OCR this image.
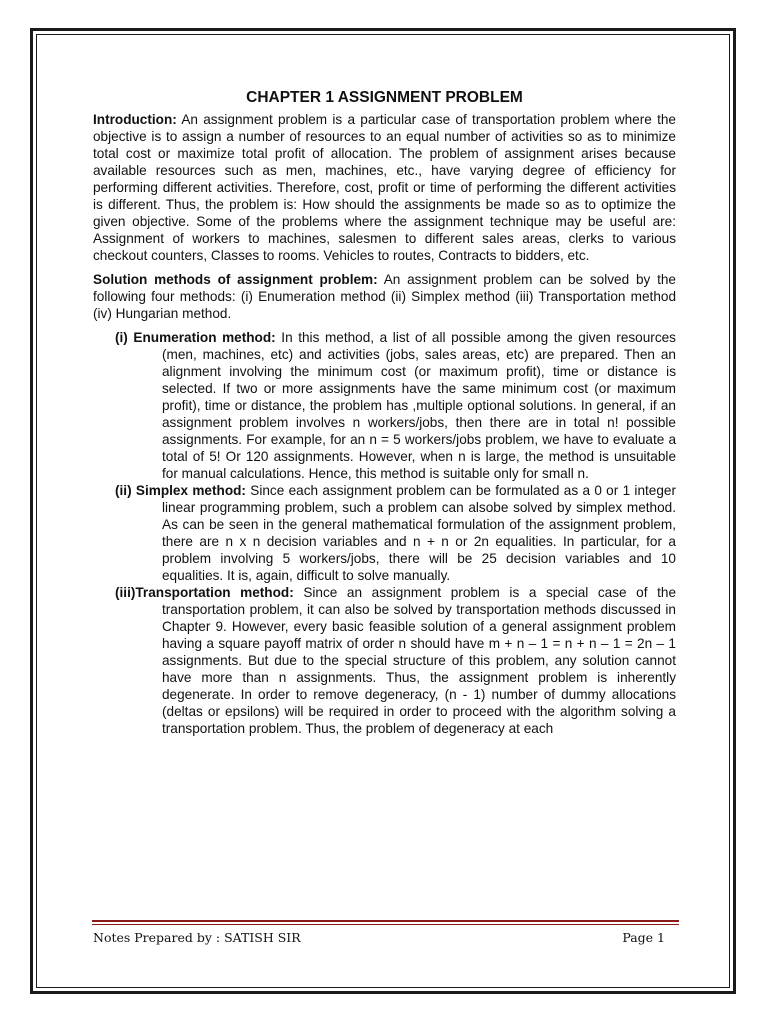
CHAPTER 1 ASSIGNMENT PROBLEM

Introduction: An assignment problem is a particular case of transportation problem where the objective is to assign a number of resources to an equal number of activities so as to minimize total cost or maximize total profit of allocation. The problem of assignment arises because available resources such as men, machines, etc., have varying degree of efficiency for performing different activities. Therefore, cost, profit or time of performing the different activities is different. Thus, the problem is: How should the assignments be made so as to optimize the given objective. Some of the problems where the assignment technique may be useful are: Assignment of workers to machines, salesmen to different sales areas, clerks to various checkout counters, Classes to rooms. Vehicles to routes, Contracts to bidders, etc.

Solution methods of assignment problem: An assignment problem can be solved by the following four methods: (i) Enumeration method (ii) Simplex method (iii) Transportation method (iv) Hungarian method.

(i) Enumeration method: In this method, a list of all possible among the given resources (men, machines, etc) and activities (jobs, sales areas, etc) are prepared. Then an alignment involving the minimum cost (or maximum profit), time or distance is selected. If two or more assignments have the same minimum cost (or maximum profit), time or distance, the problem has ,multiple optional solutions. In general, if an assignment problem involves n workers/jobs, then there are in total n! possible assignments. For example, for an n = 5 workers/jobs problem, we have to evaluate a total of 5! Or 120 assignments. However, when n is large, the method is unsuitable for manual calculations. Hence, this method is suitable only for small n.
(ii) Simplex method: Since each assignment problem can be formulated as a 0 or 1 integer linear programming problem, such a problem can alsobe solved by simplex method. As can be seen in the general mathematical formulation of the assignment problem, there are n x n decision variables and n + n or 2n equalities. In particular, for a problem involving 5 workers/jobs, there will be 25 decision variables and 10 equalities. It is, again, difficult to solve manually.
(iii)Transportation method: Since an assignment problem is a special case of the transportation problem, it can also be solved by transportation methods discussed in Chapter 9. However, every basic feasible solution of a general assignment problem having a square payoff matrix of order n should have m + n – 1 = n + n – 1 = 2n – 1 assignments. But due to the special structure of this problem, any solution cannot have more than n assignments. Thus, the assignment problem is inherently degenerate. In order to remove degeneracy, (n - 1) number of dummy allocations (deltas or epsilons) will be required in order to proceed with the algorithm solving a transportation problem. Thus, the problem of degeneracy at each
Notes Prepared by : SATISH SIR	Page 1
